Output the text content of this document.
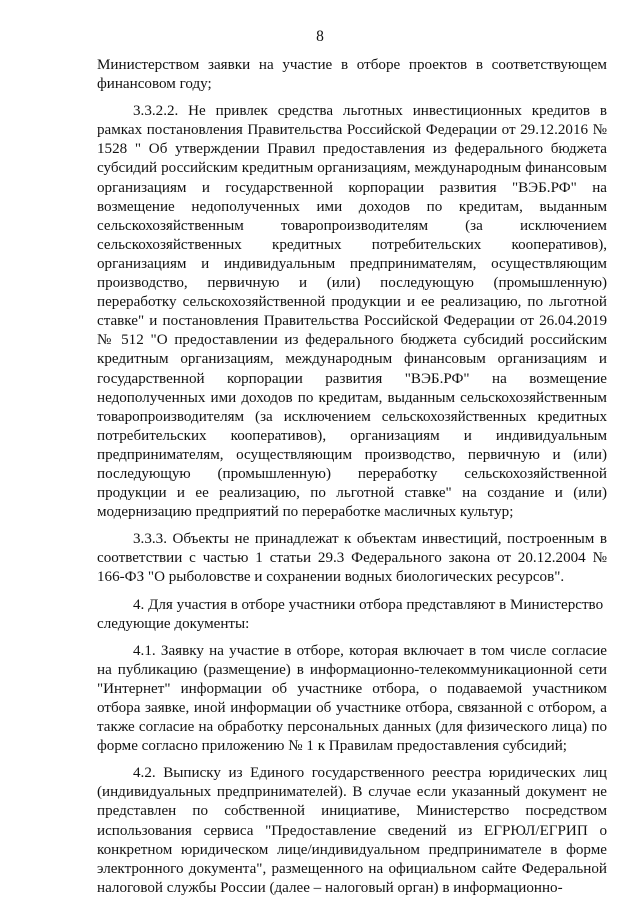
8

Министерством заявки на участие в отборе проектов в соответствующем финансовом году;

3.3.2.2. Не привлек средства льготных инвестиционных кредитов в рамках постановления Правительства Российской Федерации от 29.12.2016 № 1528 " Об утверждении Правил предоставления из федерального бюджета субсидий российским кредитным организациям, международным финансовым организациям и государственной корпорации развития "ВЭБ.РФ" на возмещение недополученных ими доходов по кредитам, выданным сельскохозяйственным товаропроизводителям (за исключением сельскохозяйственных кредитных потребительских кооперативов), организациям и индивидуальным предпринимателям, осуществляющим производство, первичную и (или) последующую (промышленную) переработку сельскохозяйственной продукции и ее реализацию, по льготной ставке" и постановления Правительства Российской Федерации от 26.04.2019 № 512 "О предоставлении из федерального бюджета субсидий российским кредитным организациям, международным финансовым организациям и государственной корпорации развития "ВЭБ.РФ" на возмещение недополученных ими доходов по кредитам, выданным сельскохозяйственным товаропроизводителям (за исключением сельскохозяйственных кредитных потребительских кооперативов), организациям и индивидуальным предпринимателям, осуществляющим производство, первичную и (или) последующую (промышленную) переработку сельскохозяйственной продукции и ее реализацию, по льготной ставке" на создание и (или) модернизацию предприятий по переработке масличных культур;

3.3.3. Объекты не принадлежат к объектам инвестиций, построенным в соответствии с частью 1 статьи 29.3 Федерального закона от 20.12.2004 № 166-ФЗ "О рыболовстве и сохранении водных биологических ресурсов".

4. Для участия в отборе участники отбора представляют в Министерство следующие документы:

4.1. Заявку на участие в отборе, которая включает в том числе согласие на публикацию (размещение) в информационно-телекоммуникационной сети "Интернет" информации об участнике отбора, о подаваемой участником отбора заявке, иной информации об участнике отбора, связанной с отбором, а также согласие на обработку персональных данных (для физического лица) по форме согласно приложению № 1 к Правилам предоставления субсидий;

4.2. Выписку из Единого государственного реестра юридических лиц (индивидуальных предпринимателей). В случае если указанный документ не представлен по собственной инициативе, Министерство посредством использования сервиса "Предоставление сведений из ЕГРЮЛ/ЕГРИП о конкретном юридическом лице/индивидуальном предпринимателе в форме электронного документа", размещенного на официальном сайте Федеральной налоговой службы России (далее – налоговый орган) в информационно-
